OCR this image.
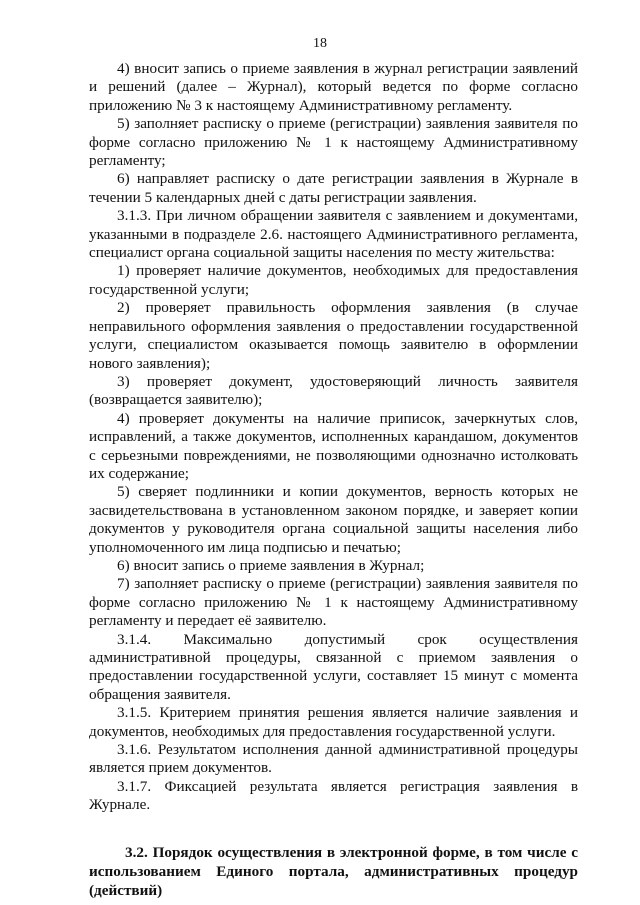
18

4) вносит запись о приеме заявления в журнал регистрации заявлений и решений (далее – Журнал), который ведется по форме согласно приложению № 3 к настоящему Административному регламенту.

5) заполняет расписку о приеме (регистрации) заявления заявителя по форме согласно приложению № 1 к настоящему Административному регламенту;

6) направляет расписку о дате регистрации заявления в Журнале в течении 5 календарных дней с даты регистрации заявления.

3.1.3. При личном обращении заявителя с заявлением и документами, указанными в подразделе 2.6. настоящего Административного регламента, специалист органа социальной защиты населения по месту жительства:

1) проверяет наличие документов, необходимых для предоставления государственной услуги;

2) проверяет правильность оформления заявления (в случае неправильного оформления заявления о предоставлении государственной услуги, специалистом оказывается помощь заявителю в оформлении нового заявления);

3) проверяет документ, удостоверяющий личность заявителя (возвращается заявителю);

4) проверяет документы на наличие приписок, зачеркнутых слов, исправлений, а также документов, исполненных карандашом, документов с серьезными повреждениями, не позволяющими однозначно истолковать их содержание;

5) сверяет подлинники и копии документов, верность которых не засвидетельствована в установленном законом порядке, и заверяет копии документов у руководителя органа социальной защиты населения либо уполномоченного им лица подписью и печатью;

6) вносит запись о приеме заявления в Журнал;

7) заполняет расписку о приеме (регистрации) заявления заявителя по форме согласно приложению № 1 к настоящему Административному регламенту и передает её заявителю.

3.1.4. Максимально допустимый срок осуществления административной процедуры, связанной с приемом заявления о предоставлении государственной услуги, составляет 15 минут с момента обращения заявителя.

3.1.5. Критерием принятия решения является наличие заявления и документов, необходимых для предоставления государственной услуги.

3.1.6. Результатом исполнения данной административной процедуры является прием документов.

3.1.7. Фиксацией результата является регистрация заявления в Журнале.

3.2. Порядок осуществления в электронной форме, в том числе с использованием Единого портала, административных процедур (действий)
